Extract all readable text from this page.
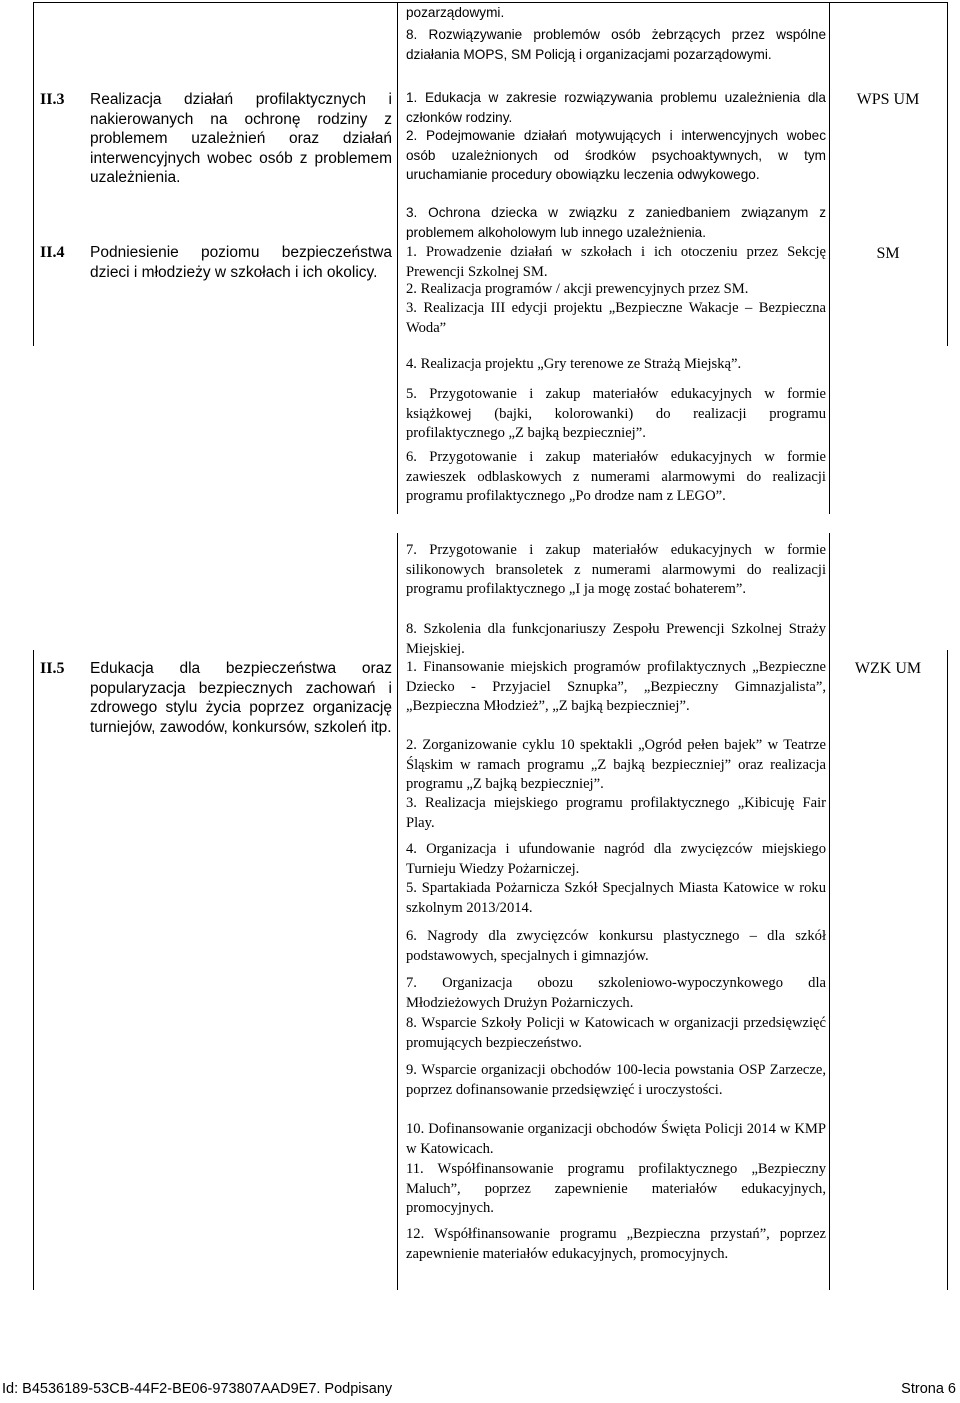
pozarządowymi.
8. Rozwiązywanie problemów osób żebrzących przez wspólne działania MOPS, SM Policją i organizacjami pozarządowymi.
II.3 Realizacja działań profilaktycznych i nakierowanych na ochronę rodziny z problemem uzależnień oraz działań interwencyjnych wobec osób z problemem uzależnienia.
WPS UM
1. Edukacja w zakresie rozwiązywania problemu uzależnienia dla członków rodziny.
2. Podejmowanie działań motywujących i interwencyjnych wobec osób uzależnionych od środków psychoaktywnych, w tym uruchamianie procedury obowiązku leczenia odwykowego.
3. Ochrona dziecka w związku z zaniedbaniem związanym z problemem alkoholowym lub innego uzależnienia.
II.4 Podniesienie poziomu bezpieczeństwa dzieci i młodzieży w szkołach i ich okolicy.
SM
1. Prowadzenie działań w szkołach i ich otoczeniu przez Sekcję Prewencji Szkolnej SM.
2. Realizacja programów / akcji prewencyjnych przez SM.
3. Realizacja III edycji projektu „Bezpieczne Wakacje – Bezpieczna Woda”
4. Realizacja projektu „Gry terenowe ze Strażą Miejską”.
5. Przygotowanie i zakup materiałów edukacyjnych w formie książkowej (bajki, kolorowanki) do realizacji programu profilaktycznego „Z bajką bezpieczniej”.
6. Przygotowanie i zakup materiałów edukacyjnych w formie zawieszek odblaskowych z numerami alarmowymi do realizacji programu profilaktycznego „Po drodze nam z LEGO”.
7. Przygotowanie i zakup materiałów edukacyjnych w formie silikonowych bransoletek z numerami alarmowymi do realizacji programu profilaktycznego „I ja mogę zostać bohaterem”.
8. Szkolenia dla funkcjonariuszy Zespołu Prewencji Szkolnej Straży Miejskiej.
II.5 Edukacja dla bezpieczeństwa oraz popularyzacja bezpiecznych zachowań i zdrowego stylu życia poprzez organizację turniejów, zawodów, konkursów, szkoleń itp.
WZK UM
1. Finansowanie miejskich programów profilaktycznych „Bezpieczne Dziecko - Przyjaciel Sznupka”, „Bezpieczny Gimnazjalista”, „Bezpieczna Młodzież”, „Z bajką bezpieczniej”.
2. Zorganizowanie cyklu 10 spektakli „Ogród pełen bajek” w Teatrze Śląskim w ramach programu „Z bajką bezpieczniej” oraz realizacja programu „Z bajką bezpieczniej”.
3. Realizacja miejskiego programu profilaktycznego „Kibicuję Fair Play.
4. Organizacja i ufundowanie nagród dla zwycięzców miejskiego Turnieju Wiedzy Pożarniczej.
5. Spartakiada Pożarnicza Szkół Specjalnych Miasta Katowice w roku szkolnym 2013/2014.
6. Nagrody dla zwycięzców konkursu plastycznego – dla szkół podstawowych, specjalnych i gimnazjów.
7. Organizacja obozu szkoleniowo-wypoczynkowego dla Młodzieżowych Drużyn Pożarniczych.
8. Wsparcie Szkoły Policji w Katowicach w organizacji przedsięwzięć promujących bezpieczeństwo.
9. Wsparcie organizacji obchodów 100-lecia powstania OSP Zarzecze, poprzez dofinansowanie przedsięwzięć i uroczystości.
10. Dofinansowanie organizacji obchodów Święta Policji 2014 w KMP w Katowicach.
11. Współfinansowanie programu profilaktycznego „Bezpieczny Maluch”, poprzez zapewnienie materiałów edukacyjnych, promocyjnych.
12. Współfinansowanie programu „Bezpieczna przystań”, poprzez zapewnienie materiałów edukacyjnych, promocyjnych.
Id: B4536189-53CB-44F2-BE06-973807AAD9E7. Podpisany	Strona 6
